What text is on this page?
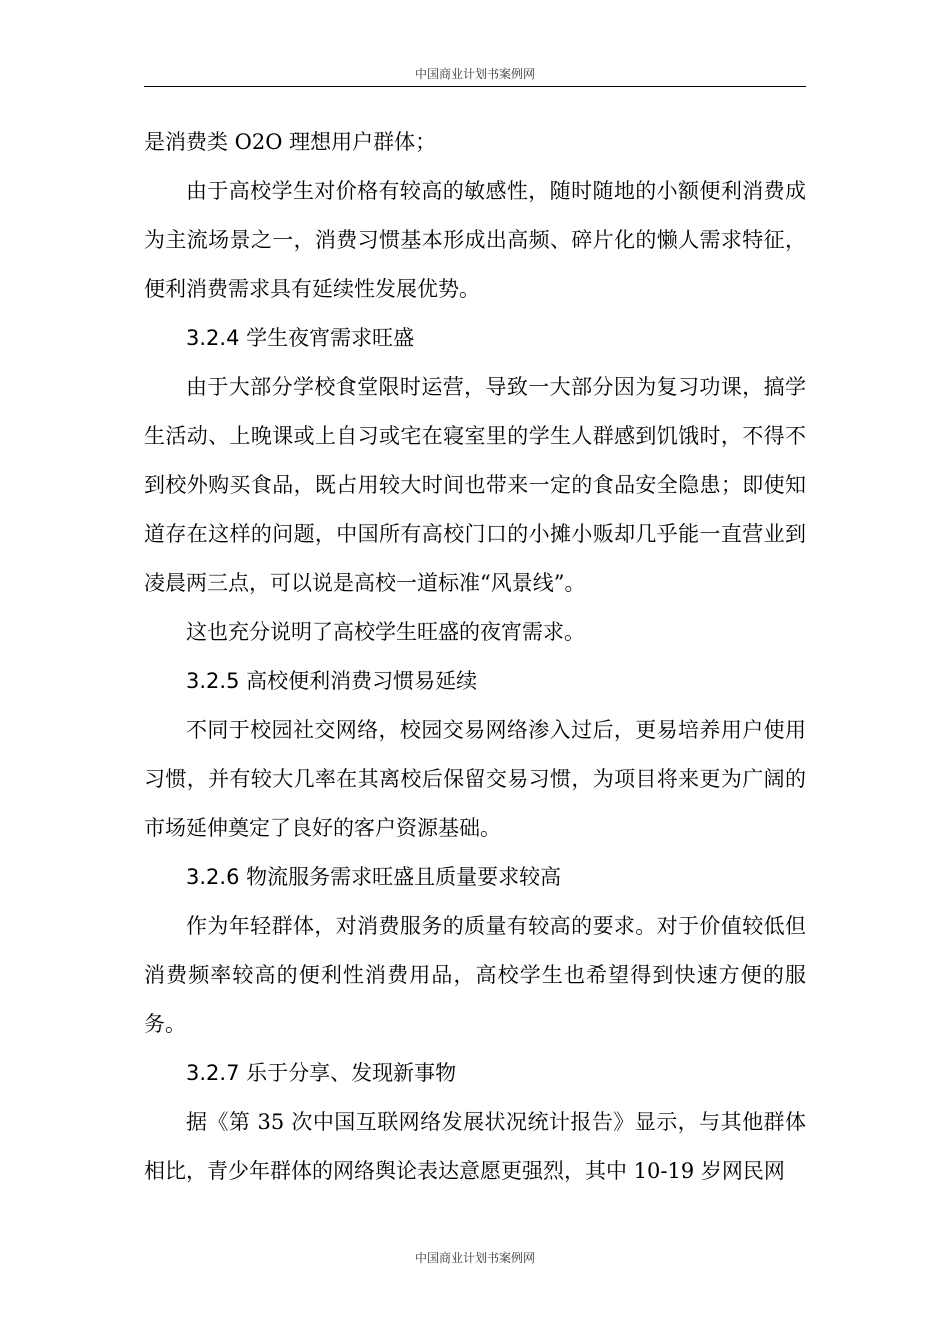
中国商业计划书案例网

是消费类 O2O 理想用户群体；

由于高校学生对价格有较高的敏感性，随时随地的小额便利消费成为主流场景之一，消费习惯基本形成出高频、碎片化的懒人需求特征，便利消费需求具有延续性发展优势。

3.2.4 学生夜宵需求旺盛

由于大部分学校食堂限时运营，导致一大部分因为复习功课，搞学生活动、上晚课或上自习或宅在寝室里的学生人群感到饥饿时，不得不到校外购买食品，既占用较大时间也带来一定的食品安全隐患；即使知道存在这样的问题，中国所有高校门口的小摊小贩却几乎能一直营业到凌晨两三点，可以说是高校一道标准“风景线”。

这也充分说明了高校学生旺盛的夜宵需求。

3.2.5 高校便利消费习惯易延续

不同于校园社交网络，校园交易网络渗入过后，更易培养用户使用习惯，并有较大几率在其离校后保留交易习惯，为项目将来更为广阔的市场延伸奠定了良好的客户资源基础。

3.2.6 物流服务需求旺盛且质量要求较高

作为年轻群体，对消费服务的质量有较高的要求。对于价值较低但消费频率较高的便利性消费用品，高校学生也希望得到快速方便的服务。

3.2.7 乐于分享、发现新事物

据《第 35 次中国互联网络发展状况统计报告》显示，与其他群体相比，青少年群体的网络舆论表达意愿更强烈，其中 10-19 岁网民网

中国商业计划书案例网
